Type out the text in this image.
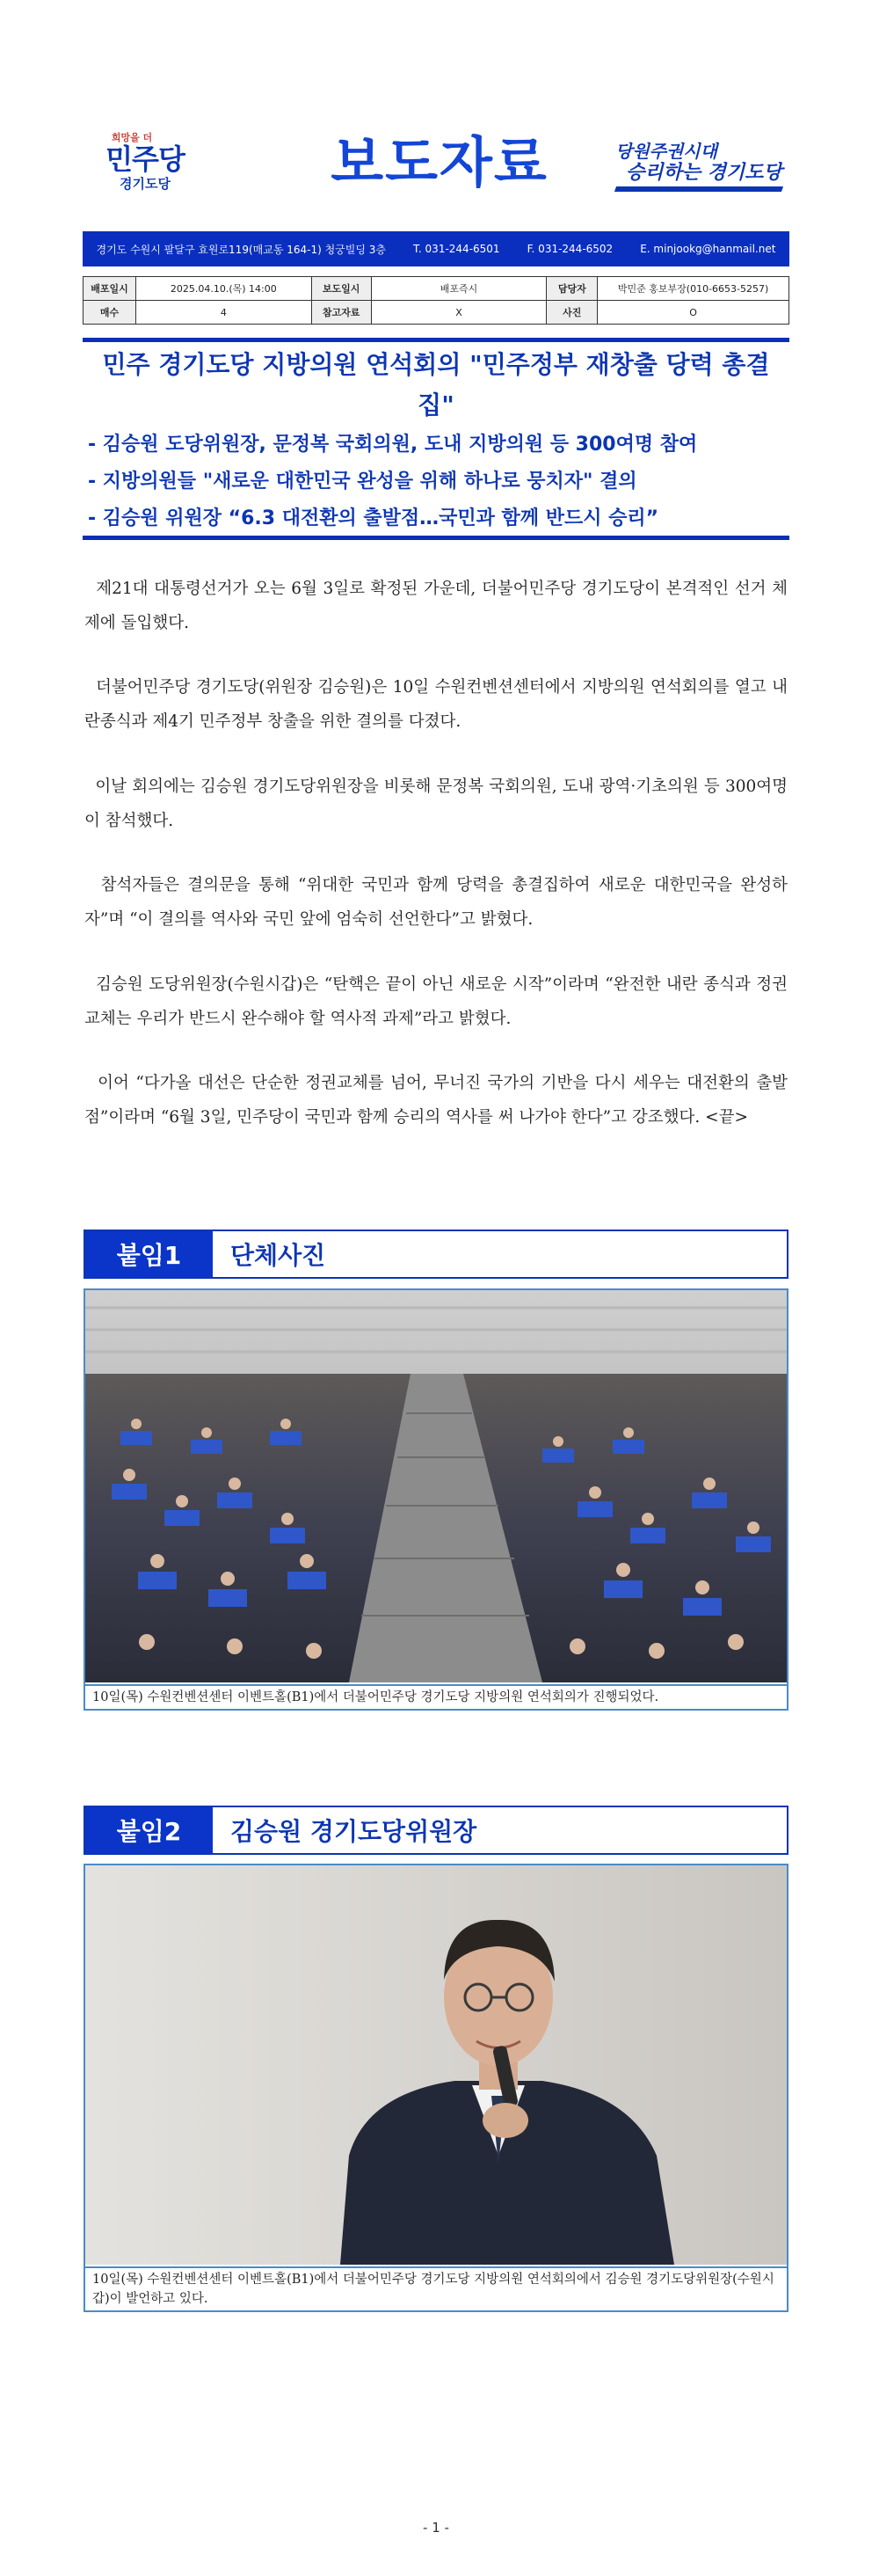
희망을 더
민주당
경기도당	보도자료	당원주권시대
승리하는 경기도당
경기도 수원시 팔달구 효원로119(매교동 164-1) 청궁빌딩 3층	T. 031-244-6501	F. 031-244-6502	E. minjookg@hanmail.net
배포일시	2025.04.10.(목) 14:00	보도일시	배포즉시	담당자	박민준 홍보부장(010-6653-5257)
매수	4	참고자료	X	사진	O
민주 경기도당 지방의원 연석회의 "민주정부 재창출 당력 총결집"
- 김승원 도당위원장, 문정복 국회의원, 도내 지방의원 등 300여명 참여
- 지방의원들 "새로운 대한민국 완성을 위해 하나로 뭉치자" 결의
- 김승원 위원장 “6.3 대전환의 출발점…국민과 함께 반드시 승리”
제21대 대통령선거가 오는 6월 3일로 확정된 가운데, 더불어민주당 경기도당이 본격적인 선거 체제에 돌입했다.
더불어민주당 경기도당(위원장 김승원)은 10일 수원컨벤션센터에서 지방의원 연석회의를 열고 내란종식과 제4기 민주정부 창출을 위한 결의를 다졌다.
이날 회의에는 김승원 경기도당위원장을 비롯해 문정복 국회의원, 도내 광역·기초의원 등 300여명이 참석했다.
참석자들은 결의문을 통해 “위대한 국민과 함께 당력을 총결집하여 새로운 대한민국을 완성하자”며 “이 결의를 역사와 국민 앞에 엄숙히 선언한다”고 밝혔다.
김승원 도당위원장(수원시갑)은 “탄핵은 끝이 아닌 새로운 시작”이라며 “완전한 내란 종식과 정권교체는 우리가 반드시 완수해야 할 역사적 과제”라고 밝혔다.
이어 “다가올 대선은 단순한 정권교체를 넘어, 무너진 국가의 기반을 다시 세우는 대전환의 출발점”이라며 “6월 3일, 민주당이 국민과 함께 승리의 역사를 써 나가야 한다”고 강조했다. <끝>
붙임1	단체사진
10일(목) 수원컨벤션센터 이벤트홀(B1)에서 더불어민주당 경기도당 지방의원 연석회의가 진행되었다.
붙임2	김승원 경기도당위원장
10일(목) 수원컨벤션센터 이벤트홀(B1)에서 더불어민주당 경기도당 지방의원 연석회의에서 김승원 경기도당위원장(수원시갑)이 발언하고 있다.
- 1 -
